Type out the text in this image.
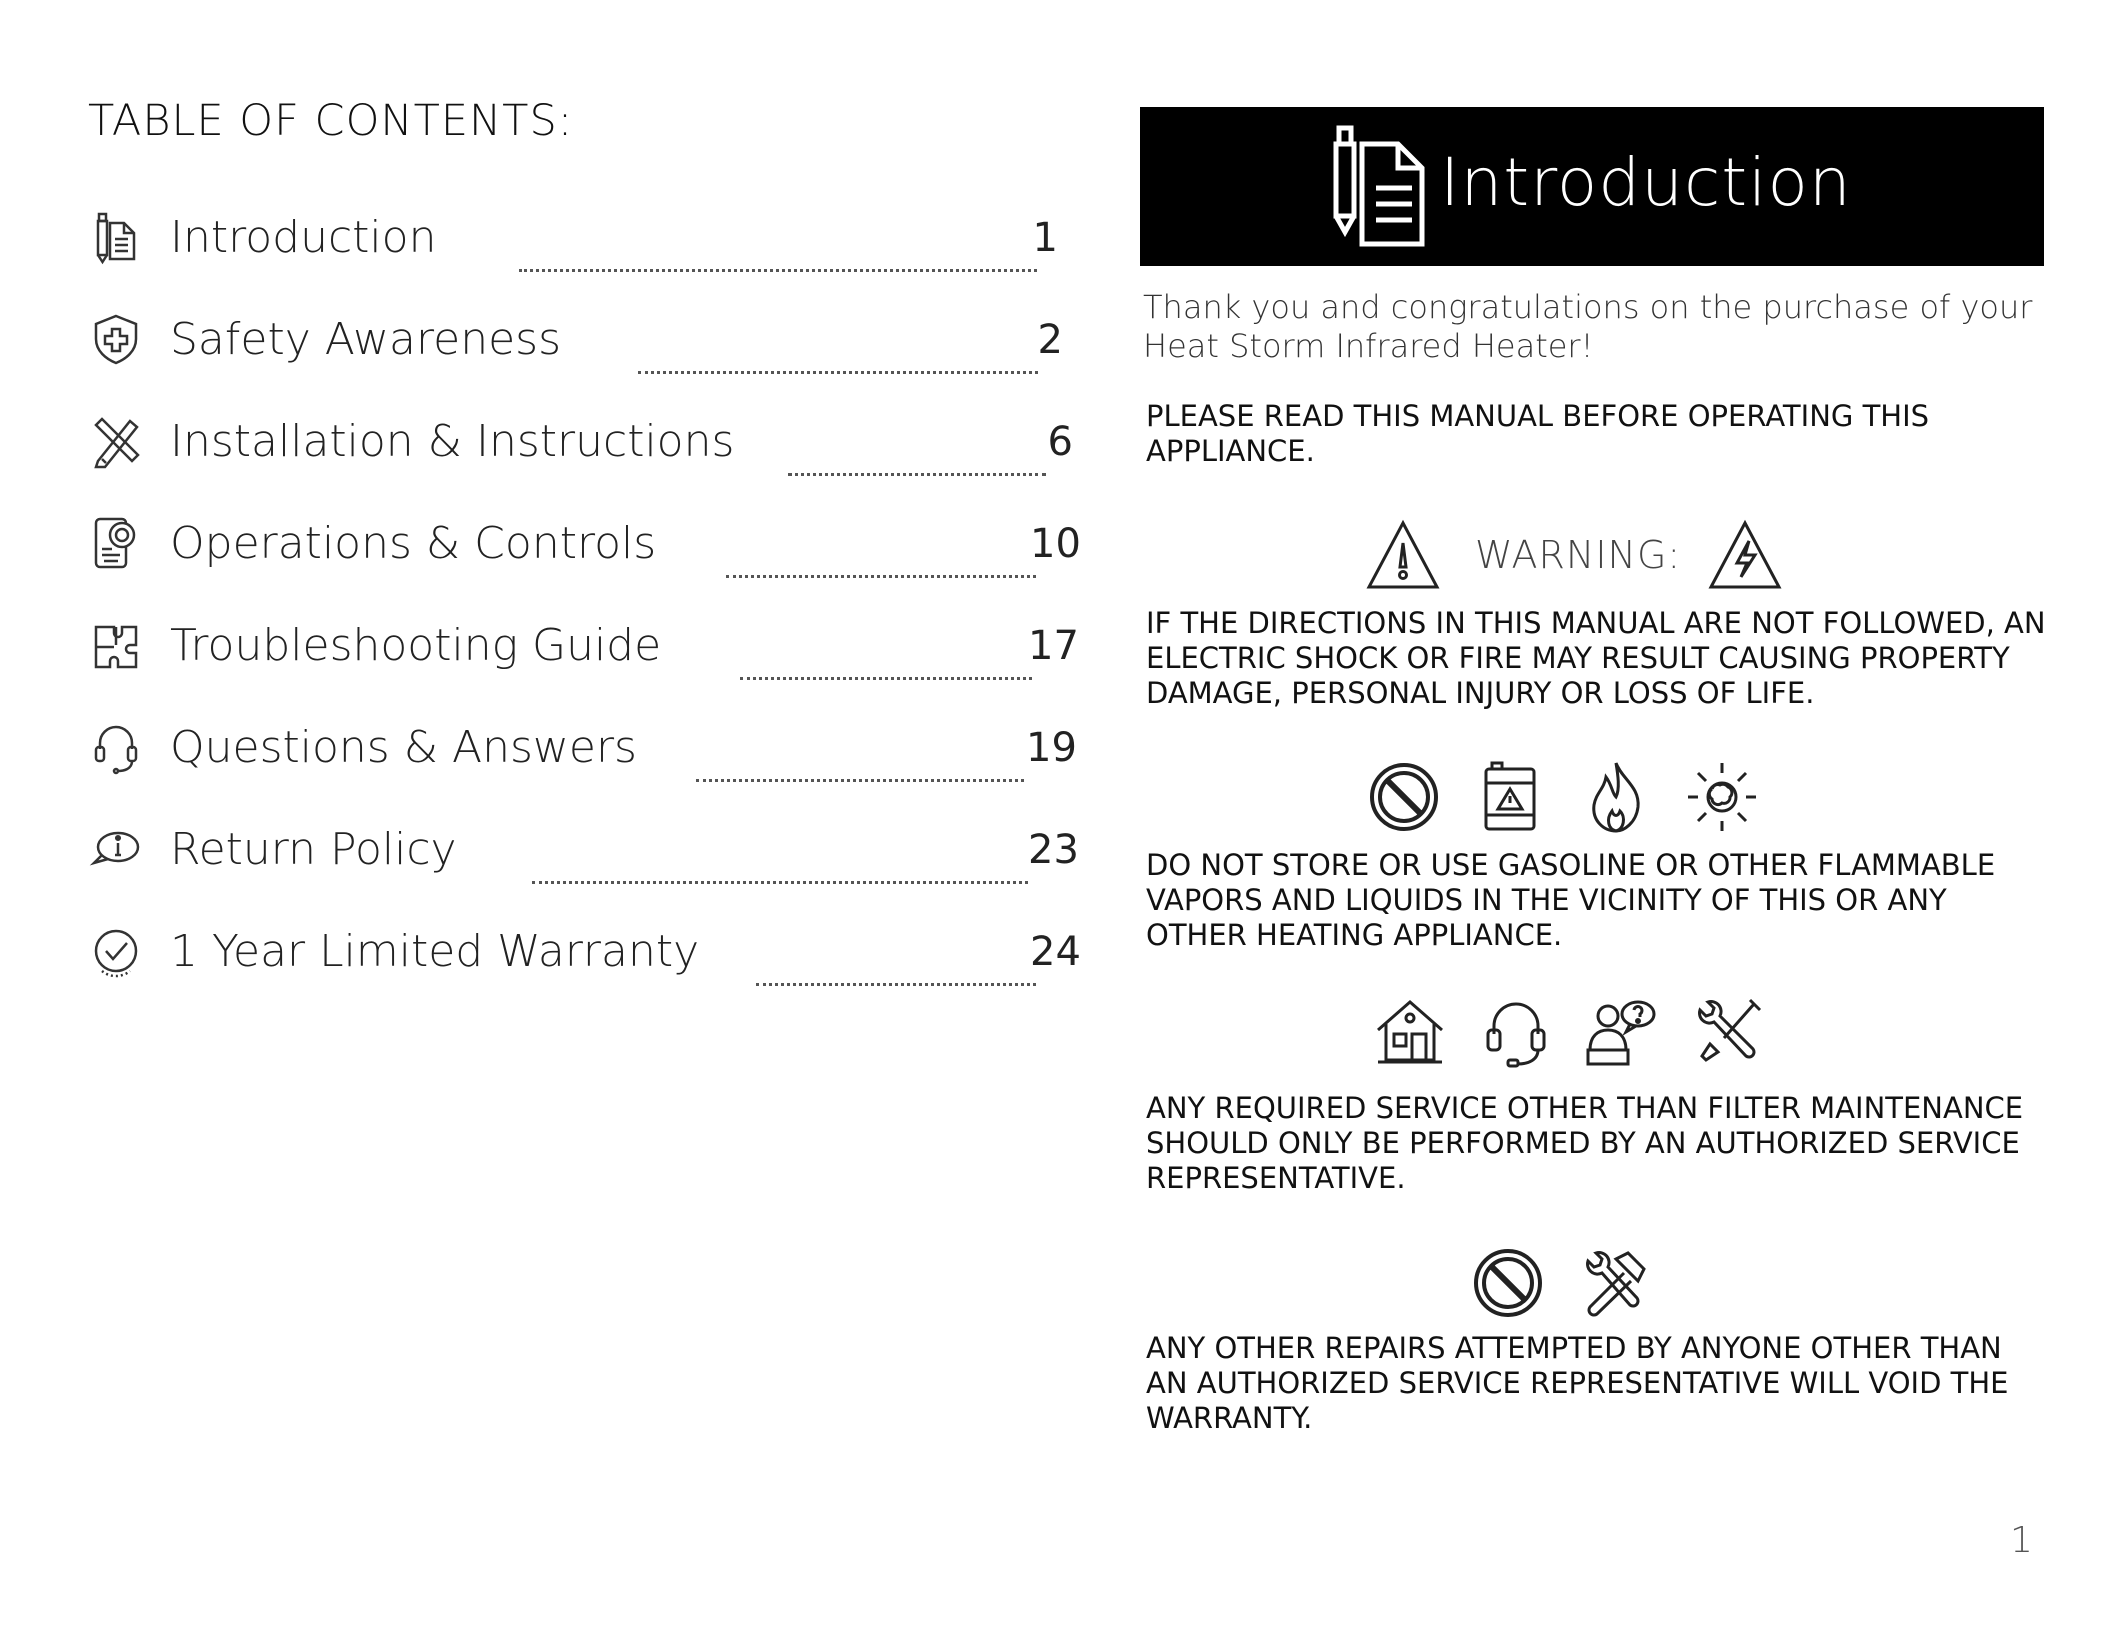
TABLE OF CONTENTS:
Introduction	1
Safety Awareness	2
Installation & Instructions	6
Operations & Controls	10
Troubleshooting Guide	17
Questions & Answers	19
Return Policy	23
1 Year Limited Warranty	24
Introduction
Thank you and congratulations on the purchase of your Heat Storm Infrared Heater!
PLEASE READ THIS MANUAL BEFORE OPERATING THIS APPLIANCE.
WARNING:
IF THE DIRECTIONS IN THIS MANUAL ARE NOT FOLLOWED, AN ELECTRIC SHOCK OR FIRE MAY RESULT CAUSING PROPERTY DAMAGE, PERSONAL INJURY OR LOSS OF LIFE.
DO NOT STORE OR USE GASOLINE OR OTHER FLAMMABLE VAPORS AND LIQUIDS IN THE VICINITY OF THIS OR ANY OTHER HEATING APPLIANCE.
ANY REQUIRED SERVICE OTHER THAN FILTER MAINTENANCE SHOULD ONLY BE PERFORMED BY AN AUTHORIZED SERVICE REPRESENTATIVE.
ANY OTHER REPAIRS ATTEMPTED BY ANYONE OTHER THAN AN AUTHORIZED SERVICE REPRESENTATIVE WILL VOID THE WARRANTY.
1
